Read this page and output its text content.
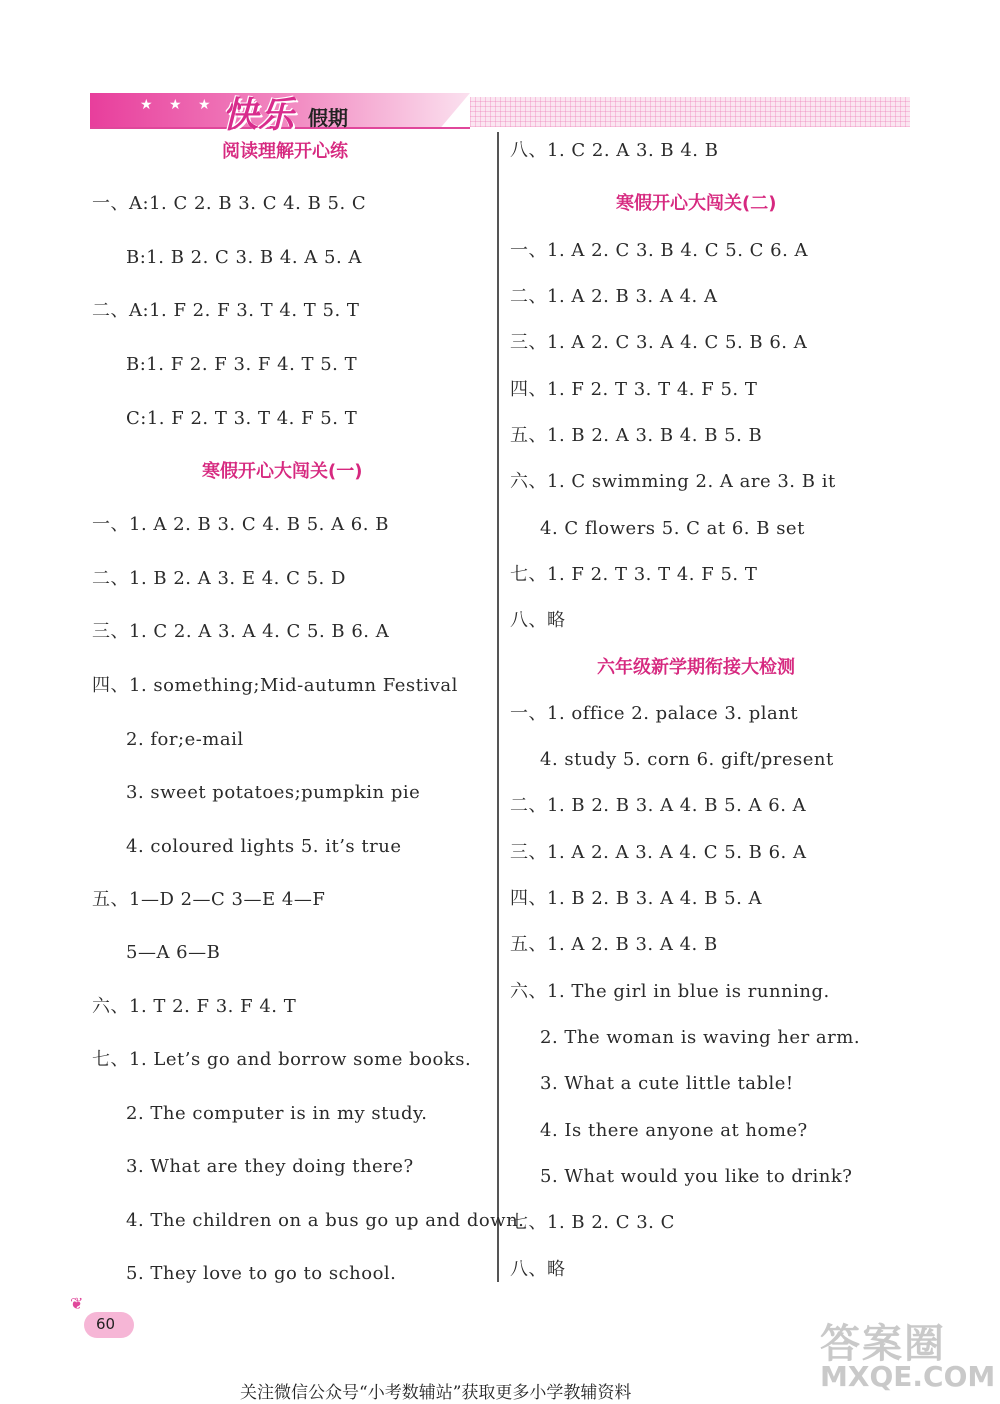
★ ★ ★ 快乐 假期
阅读理解开心练
一、A:1. C 2. B 3. C 4. B 5. C
B:1. B 2. C 3. B 4. A 5. A
二、A:1. F 2. F 3. T 4. T 5. T
B:1. F 2. F 3. F 4. T 5. T
C:1. F 2. T 3. T 4. F 5. T
寒假开心大闯关(一)
一、1. A 2. B 3. C 4. B 5. A 6. B
二、1. B 2. A 3. E 4. C 5. D
三、1. C 2. A 3. A 4. C 5. B 6. A
四、1. something;Mid-autumn Festival
2. for;e-mail
3. sweet potatoes;pumpkin pie
4. coloured lights 5. it’s true
五、1—D 2—C 3—E 4—F
5—A 6—B
六、1. T 2. F 3. F 4. T
七、1. Let’s go and borrow some books.
2. The computer is in my study.
3. What are they doing there?
4. The children on a bus go up and down.
5. They love to go to school.
八、1. C 2. A 3. B 4. B
寒假开心大闯关(二)
一、1. A 2. C 3. B 4. C 5. C 6. A
二、1. A 2. B 3. A 4. A
三、1. A 2. C 3. A 4. C 5. B 6. A
四、1. F 2. T 3. T 4. F 5. T
五、1. B 2. A 3. B 4. B 5. B
六、1. C swimming 2. A are 3. B it
4. C flowers 5. C at 6. B set
七、1. F 2. T 3. T 4. F 5. T
八、略
六年级新学期衔接大检测
一、1. office 2. palace 3. plant
4. study 5. corn 6. gift/present
二、1. B 2. B 3. A 4. B 5. A 6. A
三、1. A 2. A 3. A 4. C 5. B 6. A
四、1. B 2. B 3. A 4. B 5. A
五、1. A 2. B 3. A 4. B
六、1. The girl in blue is running.
2. The woman is waving her arm.
3. What a cute little table!
4. Is there anyone at home?
5. What would you like to drink?
七、1. B 2. C 3. C
八、略
❦
60
关注微信公众号“小考数辅站”获取更多小学教辅资料
答案圈
MXQE.COM
